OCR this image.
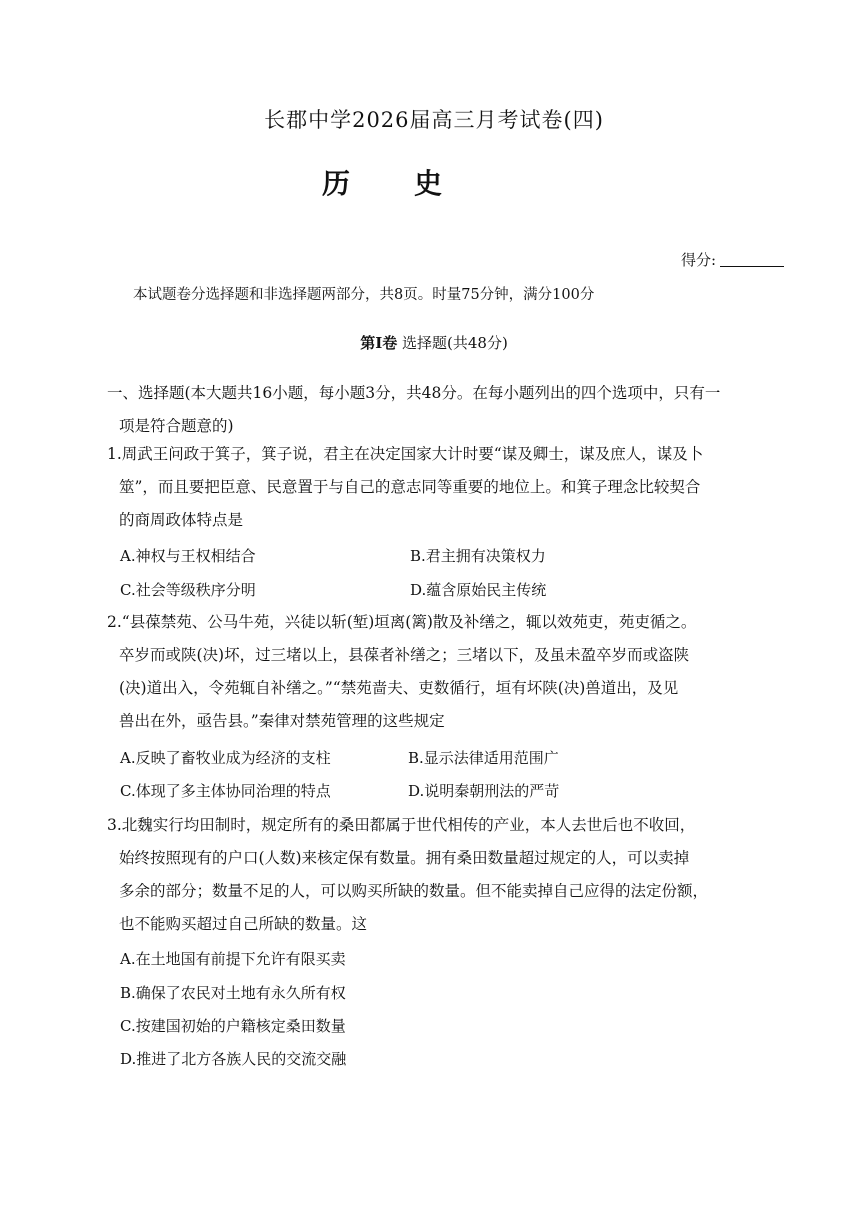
长郡中学2026届高三月考试卷(四)
历史
得分:
本试题卷分选择题和非选择题两部分，共8页。时量75分钟，满分100分
第Ⅰ卷 选择题(共48分)
一、选择题(本大题共16小题，每小题3分，共48分。在每小题列出的四个选项中，只有一
项是符合题意的)
1.周武王问政于箕子，箕子说，君主在决定国家大计时要“谋及卿士，谋及庶人，谋及卜
筮”，而且要把臣意、民意置于与自己的意志同等重要的地位上。和箕子理念比较契合
的商周政体特点是
A.神权与王权相结合	B.君主拥有决策权力
C.社会等级秩序分明	D.蕴含原始民主传统
2.“县葆禁苑、公马牛苑，兴徒以斩(堑)垣离(篱)散及补缮之，辄以效苑吏，苑吏循之。
卒岁而或陕(决)坏，过三堵以上，县葆者补缮之；三堵以下，及虽未盈卒岁而或盗陕
(决)道出入，令苑辄自补缮之。”“禁苑啬夫、吏数循行，垣有坏陕(决)兽道出，及见
兽出在外，亟告县。”秦律对禁苑管理的这些规定
A.反映了畜牧业成为经济的支柱	B.显示法律适用范围广
C.体现了多主体协同治理的特点	D.说明秦朝刑法的严苛
3.北魏实行均田制时，规定所有的桑田都属于世代相传的产业，本人去世后也不收回，
始终按照现有的户口(人数)来核定保有数量。拥有桑田数量超过规定的人，可以卖掉
多余的部分；数量不足的人，可以购买所缺的数量。但不能卖掉自己应得的法定份额，
也不能购买超过自己所缺的数量。这
A.在土地国有前提下允许有限买卖
B.确保了农民对土地有永久所有权
C.按建国初始的户籍核定桑田数量
D.推进了北方各族人民的交流交融
